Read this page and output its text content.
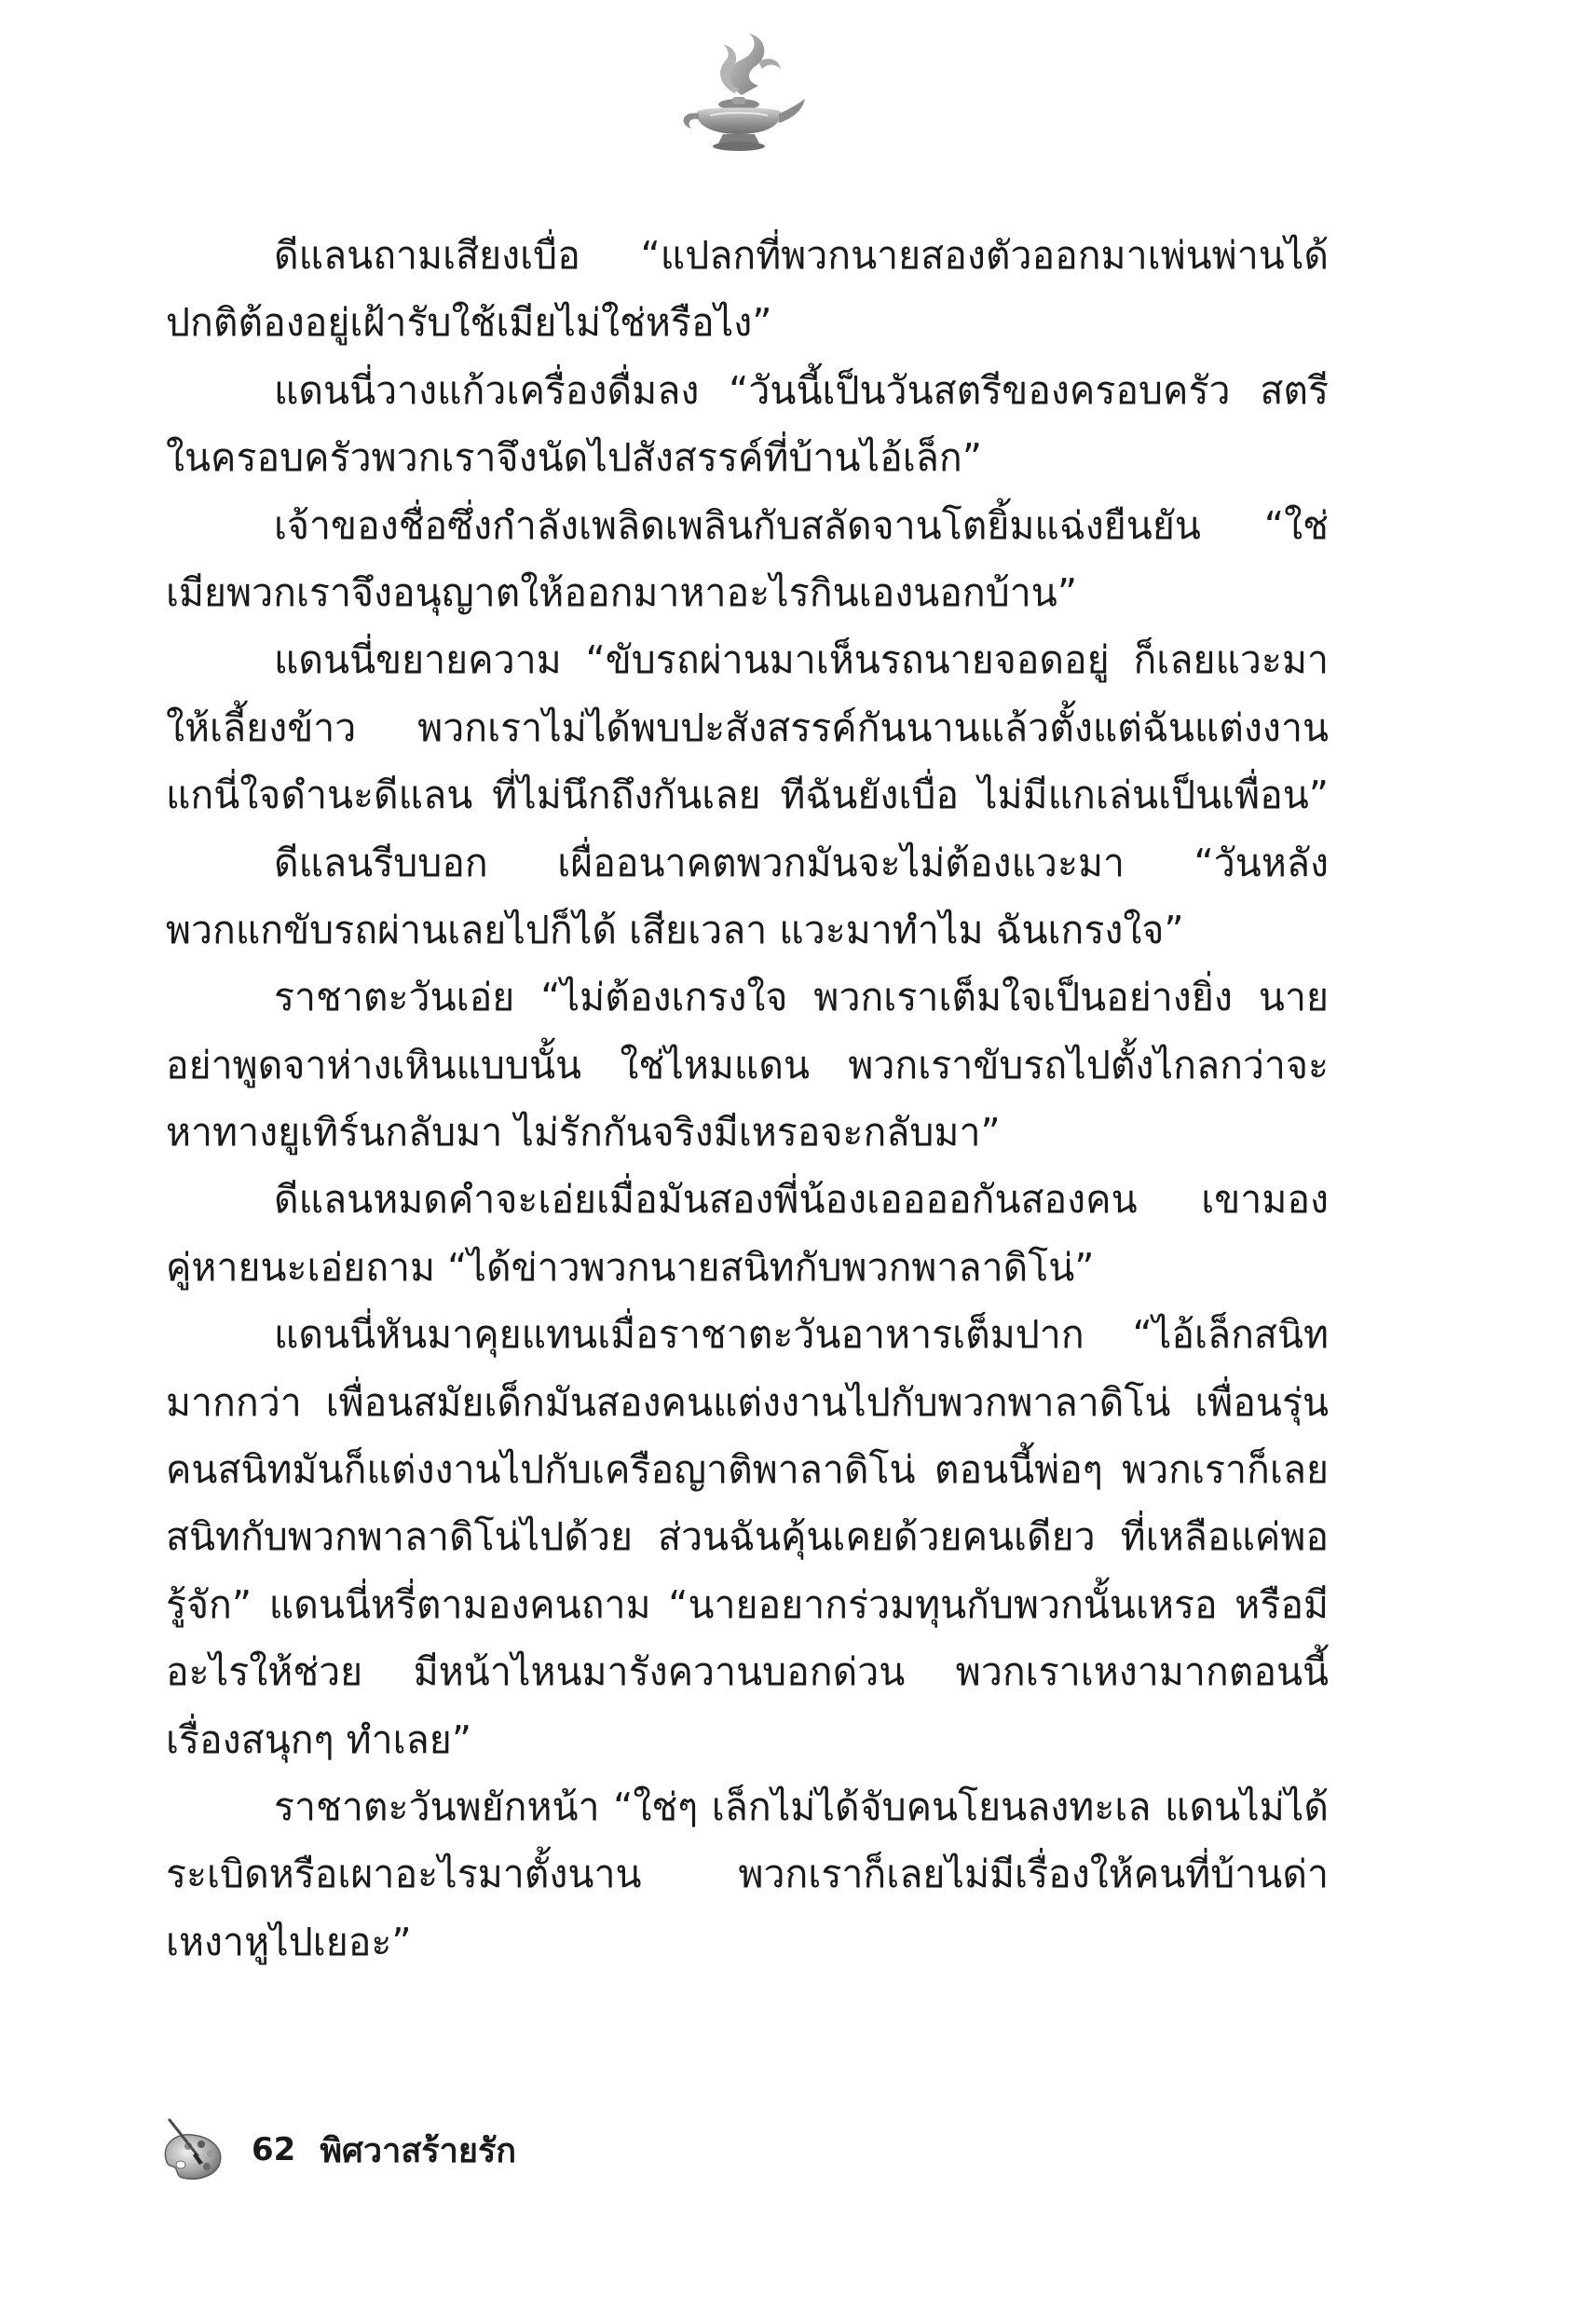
ดีแลนถามเสียงเบื่อ “แปลกที่พวกนายสองตัวออกมาเพ่นพ่านได้
ปกติต้องอยู่เฝ้ารับใช้เมียไม่ใช่หรือไง”
แดนนี่วางแก้วเครื่องดื่มลง “วันนี้เป็นวันสตรีของครอบครัว สตรี
ในครอบครัวพวกเราจึงนัดไปสังสรรค์ที่บ้านไอ้เล็ก”
เจ้าของชื่อซึ่งกำลังเพลิดเพลินกับสลัดจานโตยิ้มแฉ่งยืนยัน “ใช่
เมียพวกเราจึงอนุญาตให้ออกมาหาอะไรกินเองนอกบ้าน”
แดนนี่ขยายความ “ขับรถผ่านมาเห็นรถนายจอดอยู่ ก็เลยแวะมา
ให้เลี้ยงข้าว พวกเราไม่ได้พบปะสังสรรค์กันนานแล้วตั้งแต่ฉันแต่งงาน
แกนี่ใจดำนะดีแลน ที่ไม่นึกถึงกันเลย ทีฉันยังเบื่อ ไม่มีแกเล่นเป็นเพื่อน”
ดีแลนรีบบอก เผื่ออนาคตพวกมันจะไม่ต้องแวะมา “วันหลัง
พวกแกขับรถผ่านเลยไปก็ได้ เสียเวลา แวะมาทำไม ฉันเกรงใจ”
ราชาตะวันเอ่ย “ไม่ต้องเกรงใจ พวกเราเต็มใจเป็นอย่างยิ่ง นาย
อย่าพูดจาห่างเหินแบบนั้น ใช่ไหมแดน พวกเราขับรถไปตั้งไกลกว่าจะ
หาทางยูเทิร์นกลับมา ไม่รักกันจริงมีเหรอจะกลับมา”
ดีแลนหมดคำจะเอ่ยเมื่อมันสองพี่น้องเออออกันสองคน เขามอง
คู่หายนะเอ่ยถาม “ได้ข่าวพวกนายสนิทกับพวกพาลาดิโน่”
แดนนี่หันมาคุยแทนเมื่อราชาตะวันอาหารเต็มปาก “ไอ้เล็กสนิท
มากกว่า เพื่อนสมัยเด็กมันสองคนแต่งงานไปกับพวกพาลาดิโน่ เพื่อนรุ่น
คนสนิทมันก็แต่งงานไปกับเครือญาติพาลาดิโน่ ตอนนี้พ่อๆ พวกเราก็เลย
สนิทกับพวกพาลาดิโน่ไปด้วย ส่วนฉันคุ้นเคยด้วยคนเดียว ที่เหลือแค่พอ
รู้จัก” แดนนี่หรี่ตามองคนถาม “นายอยากร่วมทุนกับพวกนั้นเหรอ หรือมี
อะไรให้ช่วย มีหน้าไหนมารังควานบอกด่วน พวกเราเหงามากตอนนี้
เรื่องสนุกๆ ทำเลย”
ราชาตะวันพยักหน้า “ใช่ๆ เล็กไม่ได้จับคนโยนลงทะเล แดนไม่ได้
ระเบิดหรือเผาอะไรมาตั้งนาน พวกเราก็เลยไม่มีเรื่องให้คนที่บ้านด่า
เหงาหูไปเยอะ”
62 พิศวาสร้ายรัก
